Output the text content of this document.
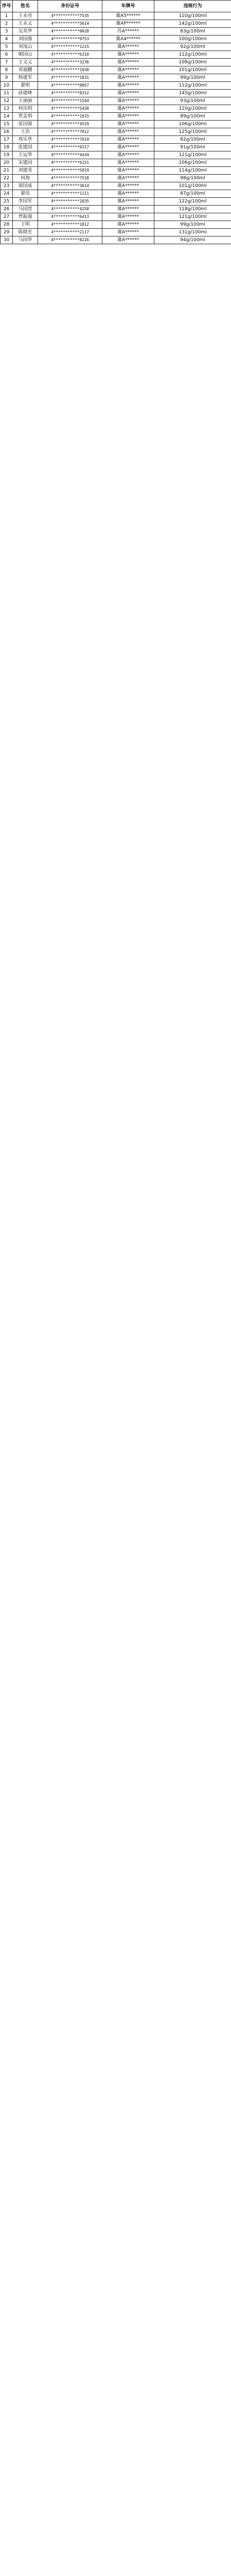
序号	姓名	身份证号	车牌号	违规行为
1	王永亮	4***********7535	冀A5******	110g/100ml
2	王永义	4***********5614	冀AP******	142g/100ml
3	吴英华	4***********0028	苏A******	83g/100ml
4	刘国强	4***********9753	冀A4******	100g/100ml
5	刘凤山	4***********1215	冀A******	92g/100ml
6	朝国山	4***********6310	冀A******	112g/100ml
7	王文义	4***********3236	冀A******	108g/100ml
8	邓福鹏	4***********1838	冀A******	101g/100ml
9	杨建军	4***********1831	冀A******	99g/100ml
10	翟明	4***********0057	冀A******	112g/100ml
11	孙建峰	4***********8312	冀A******	145g/100ml
12	王丽丽	4***********1544	冀A******	93g/100ml
13	何庆明	4***********5430	冀A******	110g/100ml
14	贾孟利	4***********1815	冀A******	89g/100ml
15	张国强	4***********4519	冀A******	106g/100ml
16	王浩	4***********7812	冀A******	125g/100ml
17	周乐华	4***********7019	冀A******	82g/100ml
18	张建国	4***********0317	冀A******	91g/100ml
19	王运华	4***********4434	冀A******	121g/100ml
20	宋建国	4***********6151	冀A******	106g/100ml
21	刘建英	4***********5819	冀A******	114g/100ml
22	何海	4***********7518	冀A******	98g/100ml
23	梁国成	4***********3614	冀A******	101g/100ml
24	翟伟	4***********1211	冀A******	87g/100ml
25	李国军	4***********1835	冀A******	122g/100ml
26	马国营	4***********4258	冀A******	118g/100ml
27	贾振强	4***********6413	冀A******	121g/100ml
28	王明	4***********1812	冀A******	99g/100ml
29	陈晓光	4***********2117	冀A******	131g/100ml
30	马国华	4***********8216	冀A******	94g/100ml
